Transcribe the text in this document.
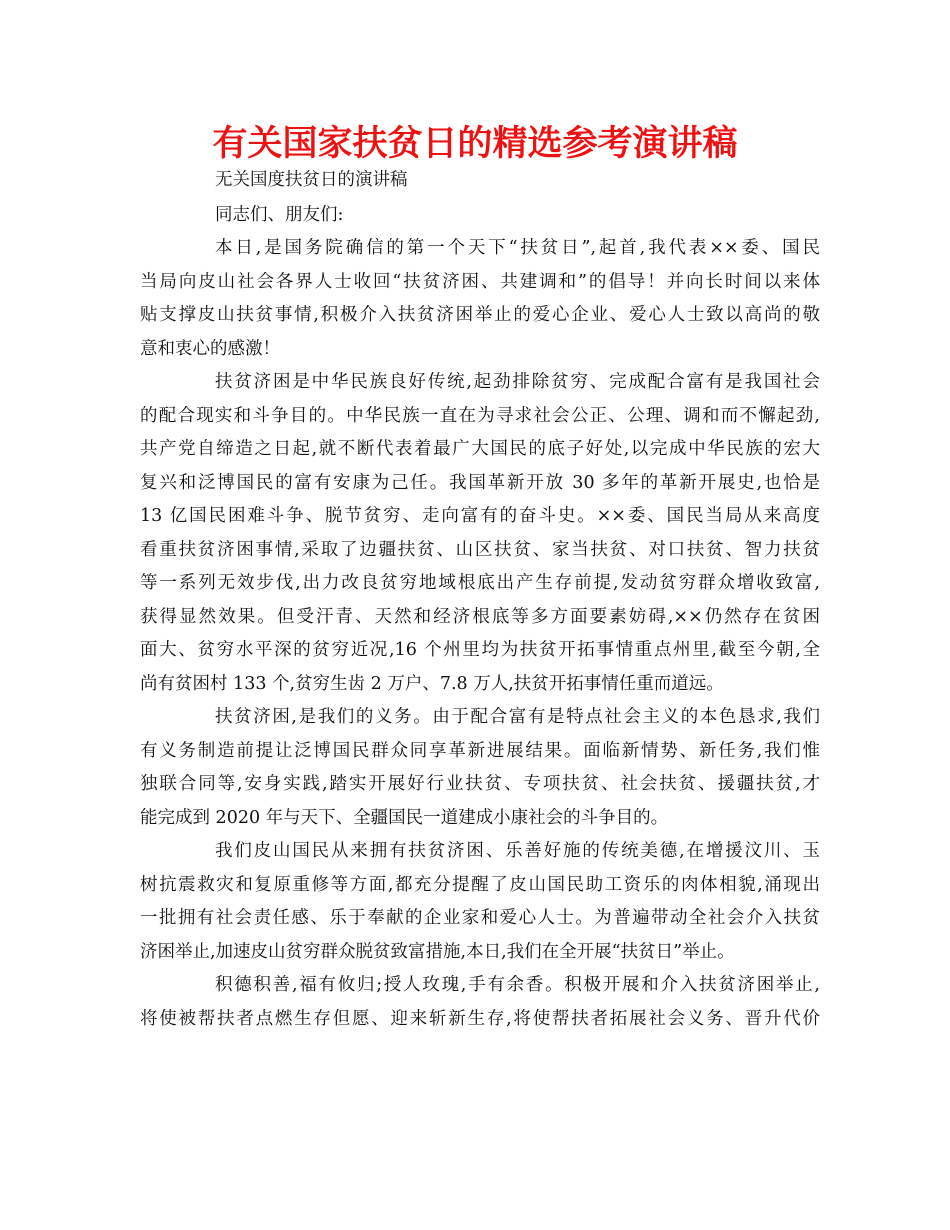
有关国家扶贫日的精选参考演讲稿
无关国度扶贫日的演讲稿
同志们、朋友们:

本日,是国务院确信的第一个天下“扶贫日”,起首,我代表××委、国民
当局向皮山社会各界人士收回“扶贫济困、共建调和”的倡导！并向长时间以来体
贴支撑皮山扶贫事情,积极介入扶贫济困举止的爱心企业、爱心人士致以高尚的敬
意和衷心的感激！

扶贫济困是中华民族良好传统,起劲排除贫穷、完成配合富有是我国社会
的配合现实和斗争目的。中华民族一直在为寻求社会公正、公理、调和而不懈起劲,
共产党自缔造之日起,就不断代表着最广大国民的底子好处,以完成中华民族的宏大
复兴和泛博国民的富有安康为己任。我国革新开放 30 多年的革新开展史,也恰是
13 亿国民困难斗争、脱节贫穷、走向富有的奋斗史。××委、国民当局从来高度
看重扶贫济困事情,采取了边疆扶贫、山区扶贫、家当扶贫、对口扶贫、智力扶贫
等一系列无效步伐,出力改良贫穷地域根底出产生存前提,发动贫穷群众增收致富,
获得显然效果。但受汗青、天然和经济根底等多方面要素妨碍,××仍然存在贫困
面大、贫穷水平深的贫穷近况,16 个州里均为扶贫开拓事情重点州里,截至今朝,全
尚有贫困村 133 个,贫穷生齿 2 万户、7.8 万人,扶贫开拓事情任重而道远。

扶贫济困,是我们的义务。由于配合富有是特点社会主义的本色恳求,我们
有义务制造前提让泛博国民群众同享革新进展结果。面临新情势、新任务,我们惟
独联合同等,安身实践,踏实开展好行业扶贫、专项扶贫、社会扶贫、援疆扶贫,才
能完成到 2020 年与天下、全疆国民一道建成小康社会的斗争目的。

我们皮山国民从来拥有扶贫济困、乐善好施的传统美德,在增援汶川、玉
树抗震救灾和复原重修等方面,都充分提醒了皮山国民助工资乐的肉体相貌,涌现出
一批拥有社会责任感、乐于奉献的企业家和爱心人士。为普遍带动全社会介入扶贫
济困举止,加速皮山贫穷群众脱贫致富措施,本日,我们在全开展“扶贫日”举止。

积德积善,福有攸归;授人玫瑰,手有余香。积极开展和介入扶贫济困举止,
将使被帮扶者点燃生存但愿、迎来斩新生存,将使帮扶者拓展社会义务、晋升代价
